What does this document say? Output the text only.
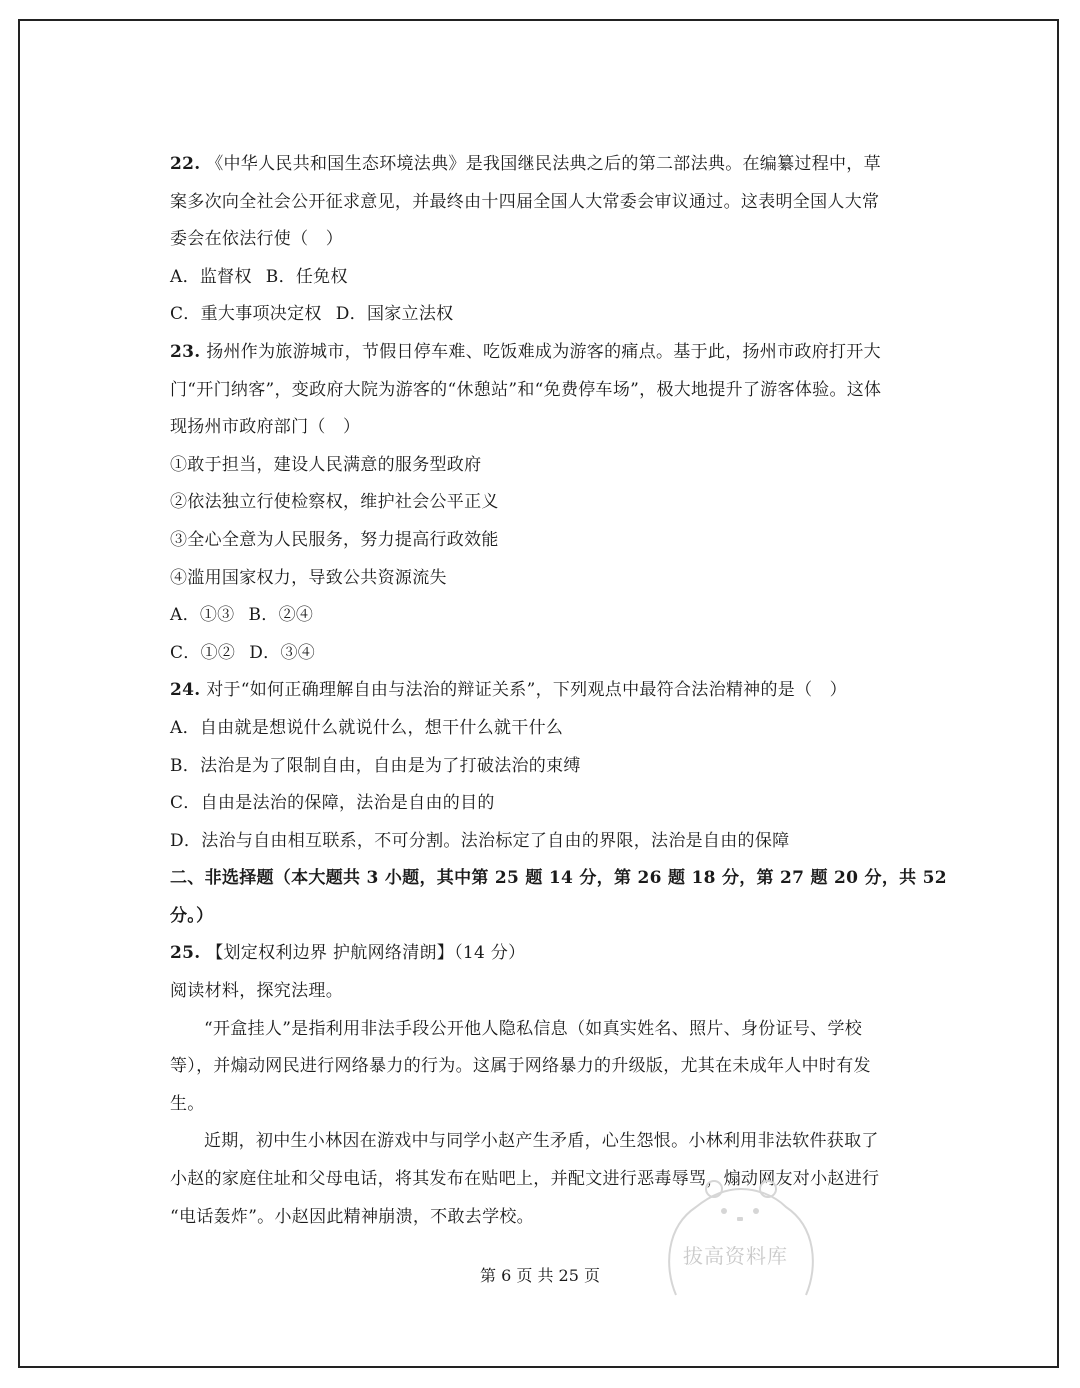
22. 《中华人民共和国生态环境法典》是我国继民法典之后的第二部法典。在编纂过程中，草
案多次向全社会公开征求意见，并最终由十四届全国人大常委会审议通过。这表明全国人大常
委会在依法行使（　）
A．监督权 B．任免权
C．重大事项决定权 D．国家立法权
23. 扬州作为旅游城市，节假日停车难、吃饭难成为游客的痛点。基于此，扬州市政府打开大
门“开门纳客”，变政府大院为游客的“休憩站”和“免费停车场”，极大地提升了游客体验。这体
现扬州市政府部门（　）
①敢于担当，建设人民满意的服务型政府
②依法独立行使检察权，维护社会公平正义
③全心全意为人民服务，努力提高行政效能
④滥用国家权力，导致公共资源流失
A．①③ B．②④
C．①② D．③④
24. 对于“如何正确理解自由与法治的辩证关系”，下列观点中最符合法治精神的是（　）
A．自由就是想说什么就说什么，想干什么就干什么
B．法治是为了限制自由，自由是为了打破法治的束缚
C．自由是法治的保障，法治是自由的目的
D．法治与自由相互联系，不可分割。法治标定了自由的界限，法治是自由的保障
二、非选择题（本大题共 3 小题，其中第 25 题 14 分，第 26 题 18 分，第 27 题 20 分，共 52
分。）
25. 【划定权利边界 护航网络清朗】（14 分）
阅读材料，探究法理。
“开盒挂人”是指利用非法手段公开他人隐私信息（如真实姓名、照片、身份证号、学校
等），并煽动网民进行网络暴力的行为。这属于网络暴力的升级版，尤其在未成年人中时有发
生。
近期，初中生小林因在游戏中与同学小赵产生矛盾，心生怨恨。小林利用非法软件获取了
小赵的家庭住址和父母电话，将其发布在贴吧上，并配文进行恶毒辱骂，煽动网友对小赵进行
“电话轰炸”。小赵因此精神崩溃，不敢去学校。
拔高资料库
第 6 页 共 25 页
